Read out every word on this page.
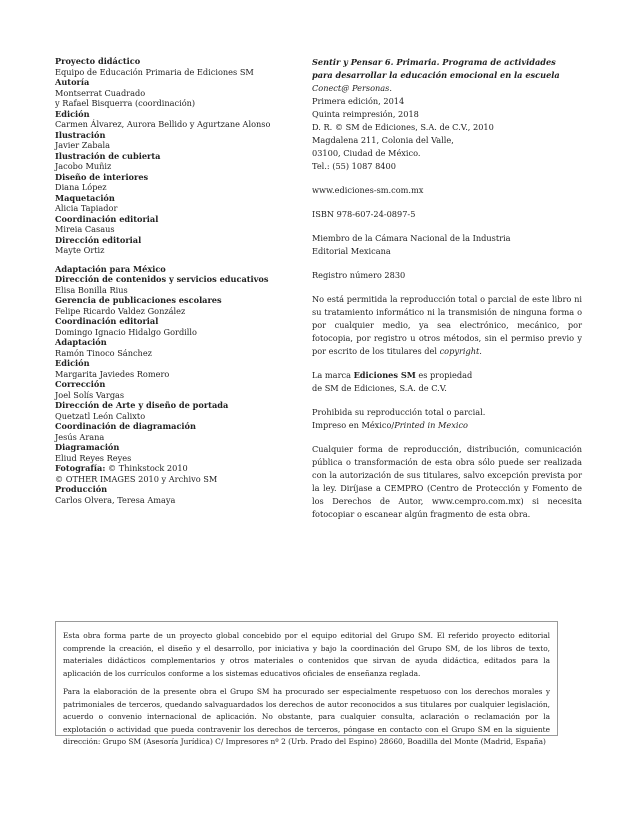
Proyecto didáctico
Equipo de Educación Primaria de Ediciones SM
Autoría
Montserrat Cuadrado
y Rafael Bisquerra (coordinación)
Edición
Carmen Álvarez, Aurora Bellido y Agurtzane Alonso
Ilustración
Javier Zabala
Ilustración de cubierta
Jacobo Muñiz
Diseño de interiores
Diana López
Maquetación
Alicia Tapiador
Coordinación editorial
Mireia Casaus
Dirección editorial
Mayte Ortiz
Adaptación para México
Dirección de contenidos y servicios educativos
Elisa Bonilla Rius
Gerencia de publicaciones escolares
Felipe Ricardo Valdez González
Coordinación editorial
Domingo Ignacio Hidalgo Gordillo
Adaptación
Ramón Tinoco Sánchez
Edición
Margarita Javiedes Romero
Corrección
Joel Solís Vargas
Dirección de Arte y diseño de portada
Quetzatl León Calixto
Coordinación de diagramación
Jesús Arana
Diagramación
Eliud Reyes Reyes
Fotografía: © Thinkstock 2010
© OTHER IMAGES 2010 y Archivo SM
Producción
Carlos Olvera, Teresa Amaya
Sentir y Pensar 6. Primaria. Programa de actividades
para desarrollar la educación emocional en la escuela
Conect@ Personas.
Primera edición, 2014
Quinta reimpresión, 2018
D. R. © SM de Ediciones, S.A. de C.V., 2010
Magdalena 211, Colonia del Valle,
03100, Ciudad de México.
Tel.: (55) 1087 8400
www.ediciones-sm.com.mx
ISBN 978-607-24-0897-5
Miembro de la Cámara Nacional de la Industria
Editorial Mexicana
Registro número 2830
No está permitida la reproducción total o parcial de este libro ni su tratamiento informático ni la transmisión de ninguna forma o por cualquier medio, ya sea electrónico, mecánico, por fotocopia, por registro u otros métodos, sin el permiso previo y por escrito de los titulares del copyright.
La marca Ediciones SM es propiedad
de SM de Ediciones, S.A. de C.V.
Prohibida su reproducción total o parcial.
Impreso en México/Printed in Mexico
Cualquier forma de reproducción, distribución, comunicación pública o transformación de esta obra sólo puede ser realizada con la autorización de sus titulares, salvo excepción prevista por la ley. Diríjase a CEMPRO (Centro de Protección y Fomento de los Derechos de Autor, www.cempro.com.mx) si necesita fotocopiar o escanear algún fragmento de esta obra.

Esta obra forma parte de un proyecto global concebido por el equipo editorial del Grupo SM. El referido proyecto editorial comprende la creación, el diseño y el desarrollo, por iniciativa y bajo la coordinación del Grupo SM, de los libros de texto, materiales didácticos complementarios y otros materiales o contenidos que sirvan de ayuda didáctica, editados para la aplicación de los currículos conforme a los sistemas educativos oficiales de enseñanza reglada.

Para la elaboración de la presente obra el Grupo SM ha procurado ser especialmente respetuoso con los derechos morales y patrimoniales de terceros, quedando salvaguardados los derechos de autor reconocidos a sus titulares por cualquier legislación, acuerdo o convenio internacional de aplicación. No obstante, para cualquier consulta, aclaración o reclamación por la explotación o actividad que pueda contravenir los derechos de terceros, póngase en contacto con el Grupo SM en la siguiente dirección: Grupo SM (Asesoría Jurídica) C/ Impresores nº 2 (Urb. Prado del Espino) 28660, Boadilla del Monte (Madrid, España)
